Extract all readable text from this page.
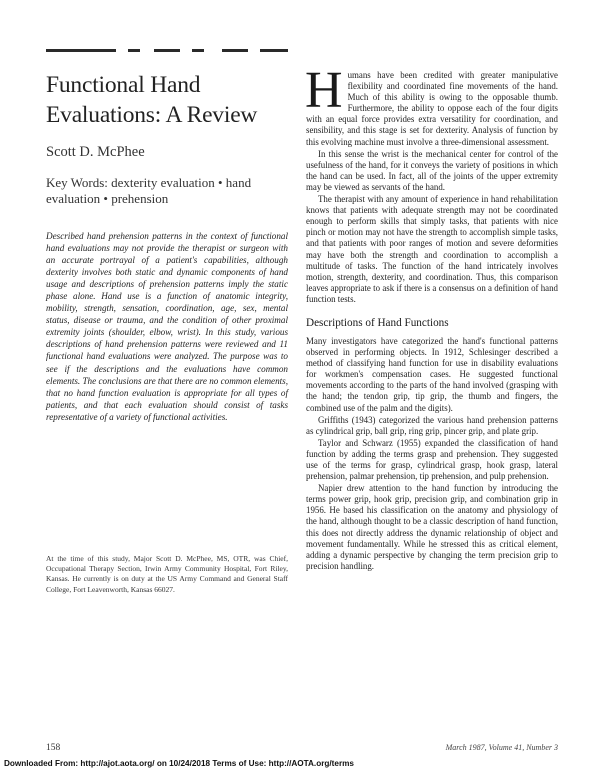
Functional Hand Evaluations: A Review
Scott D. McPhee
Key Words: dexterity evaluation • hand evaluation • prehension
Described hand prehension patterns in the context of functional hand evaluations may not provide the therapist or surgeon with an accurate portrayal of a patient's capabilities, although dexterity involves both static and dynamic components of hand usage and descriptions of prehension patterns imply the static phase alone. Hand use is a function of anatomic integrity, mobility, strength, sensation, coordination, age, sex, mental status, disease or trauma, and the condition of other proximal extremity joints (shoulder, elbow, wrist). In this study, various descriptions of hand prehension patterns were reviewed and 11 functional hand evaluations were analyzed. The purpose was to see if the descriptions and the evaluations have common elements. The conclusions are that there are no common elements, that no hand function evaluation is appropriate for all types of patients, and that each evaluation should consist of tasks representative of a variety of functional activities.
At the time of this study, Major Scott D. McPhee, MS, OTR, was Chief, Occupational Therapy Section, Irwin Army Community Hospital, Fort Riley, Kansas. He currently is on duty at the US Army Command and General Staff College, Fort Leavenworth, Kansas 66027.

Humans have been credited with greater manipulative flexibility and coordinated fine movements of the hand. Much of this ability is owing to the opposable thumb. Furthermore, the ability to oppose each of the four digits with an equal force provides extra versatility for coordination, and sensibility, and this stage is set for dexterity. Analysis of function by this evolving machine must involve a three-dimensional assessment.

In this sense the wrist is the mechanical center for control of the usefulness of the hand, for it conveys the variety of positions in which the hand can be used. In fact, all of the joints of the upper extremity may be viewed as servants of the hand.

The therapist with any amount of experience in hand rehabilitation knows that patients with adequate strength may not be coordinated enough to perform skills that simply tasks, that patients with nice pinch or motion may not have the strength to accomplish simple tasks, and that patients with poor ranges of motion and severe deformities may have both the strength and coordination to accomplish a multitude of tasks. The function of the hand intricately involves motion, strength, dexterity, and coordination. Thus, this comparison leaves appropriate to ask if there is a consensus on a definition of hand function tests.

Descriptions of Hand Functions

Many investigators have categorized the hand's functional patterns observed in performing objects. In 1912, Schlesinger described a method of classifying hand function for use in disability evaluations for workmen's compensation cases. He suggested functional movements according to the parts of the hand involved (grasping with the hand; the tendon grip, tip grip, the thumb and fingers, the combined use of the palm and the digits).

Griffiths (1943) categorized the various hand prehension patterns as cylindrical grip, ball grip, ring grip, pincer grip, and plate grip.

Taylor and Schwarz (1955) expanded the classification of hand function by adding the terms grasp and prehension. They suggested use of the terms for grasp, cylindrical grasp, hook grasp, lateral prehension, palmar prehension, tip prehension, and pulp prehension.

Napier drew attention to the hand function by introducing the terms power grip, hook grip, precision grip, and combination grip in 1956. He based his classification on the anatomy and physiology of the hand, although thought to be a classic description of hand function, this does not directly address the dynamic relationship of object and movement fundamentally. While he stressed this as critical element, adding a dynamic perspective by changing the term precision grip to precision handling.

158	March 1987, Volume 41, Number 3
Downloaded From: http://ajot.aota.org/ on 10/24/2018 Terms of Use: http://AOTA.org/terms
